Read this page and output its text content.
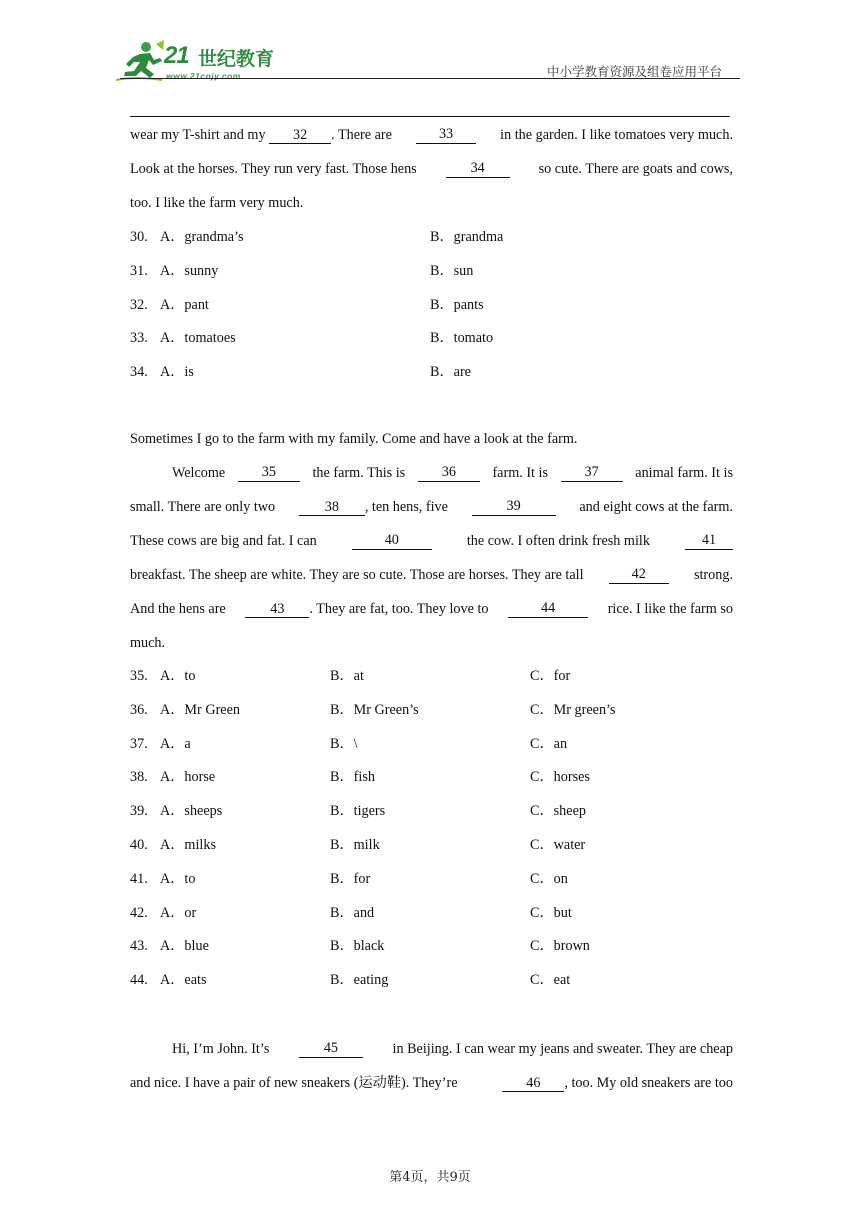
21 世纪教育
www.21cnjy.com	中小学教育资源及组卷应用平台
wear my T-shirt and my 32 . There are	33	in the garden. I like tomatoes very much.
Look at the horses. They run very fast. Those hens	34	so cute. There are goats and cows,
too. I like the farm very much.
30. A．grandma’s	B．grandma
31. A．sunny	B．sun
32. A．pant	B．pants
33. A．tomatoes	B．tomato
34. A．is	B．are
Sometimes I go to the farm with my family. Come and have a look at the farm.
Welcome	35	the farm. This is	36	farm. It is	37	animal farm. It is
small. There are only two	38 , ten hens, five	39	and eight cows at the farm.
These cows are big and fat. I can	40	the cow. I often drink fresh milk	41
breakfast. The sheep are white. They are so cute. Those are horses. They are tall	42	strong.
And the hens are	43 . They are fat, too. They love to	44	rice. I like the farm so
much.
35. A．to	B．at	C．for
36. A．Mr Green	B．Mr Green’s	C．Mr green’s
37. A．a	B．\	C．an
38. A．horse	B．fish	C．horses
39. A．sheeps	B．tigers	C．sheep
40. A．milks	B．milk	C．water
41. A．to	B．for	C．on
42. A．or	B．and	C．but
43. A．blue	B．black	C．brown
44. A．eats	B．eating	C．eat
Hi, I’m John. It’s	45	in Beijing. I can wear my jeans and sweater. They are cheap
and nice. I have a pair of new sneakers (运动鞋). They’re	46 , too. My old sneakers are too
第4页，共9页
